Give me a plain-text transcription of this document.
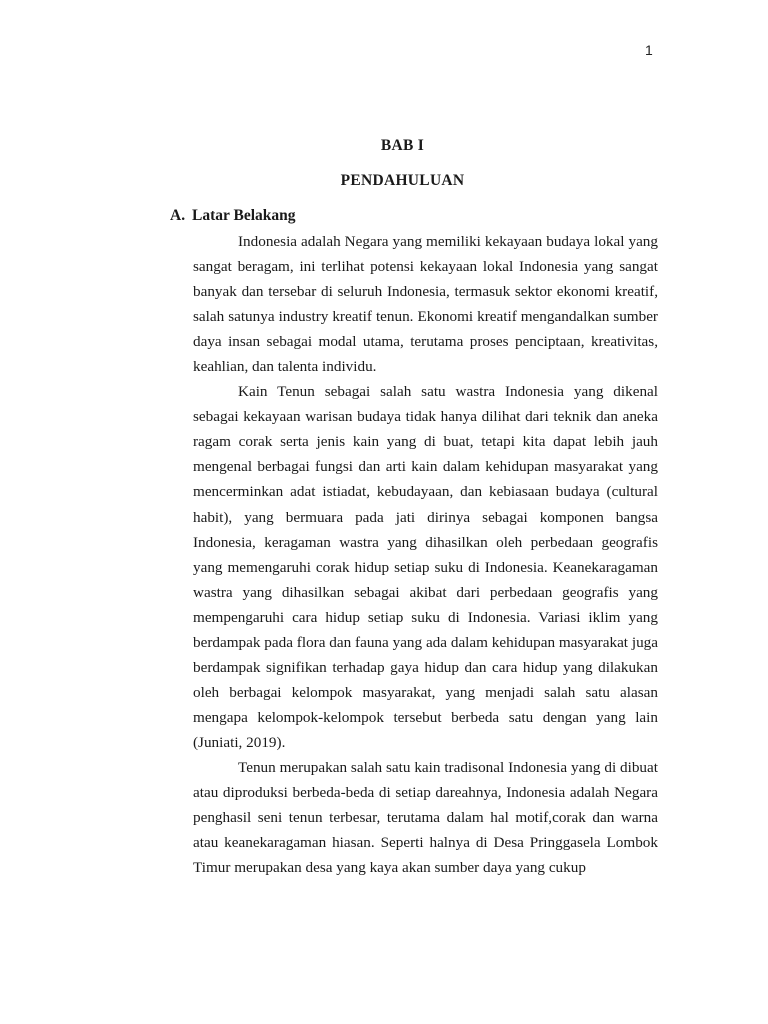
1
BAB I
PENDAHULUAN
A. Latar Belakang

Indonesia adalah Negara yang memiliki kekayaan budaya lokal yang sangat beragam, ini terlihat potensi kekayaan lokal Indonesia yang sangat banyak dan tersebar di seluruh Indonesia, termasuk sektor ekonomi kreatif, salah satunya industry kreatif tenun. Ekonomi kreatif mengandalkan sumber daya insan sebagai modal utama, terutama proses penciptaan, kreativitas, keahlian, dan talenta individu.

Kain Tenun sebagai salah satu wastra Indonesia yang dikenal sebagai kekayaan warisan budaya tidak hanya dilihat dari teknik dan aneka ragam corak serta jenis kain yang di buat, tetapi kita dapat lebih jauh mengenal berbagai fungsi dan arti kain dalam kehidupan masyarakat yang mencerminkan adat istiadat, kebudayaan, dan kebiasaan budaya (cultural habit), yang bermuara pada jati dirinya sebagai komponen bangsa Indonesia, keragaman wastra yang dihasilkan oleh perbedaan geografis yang memengaruhi corak hidup setiap suku di Indonesia. Keanekaragaman wastra yang dihasilkan sebagai akibat dari perbedaan geografis yang mempengaruhi cara hidup setiap suku di Indonesia. Variasi iklim yang berdampak pada flora dan fauna yang ada dalam kehidupan masyarakat juga berdampak signifikan terhadap gaya hidup dan cara hidup yang dilakukan oleh berbagai kelompok masyarakat, yang menjadi salah satu alasan mengapa kelompok-kelompok tersebut berbeda satu dengan yang lain (Juniati, 2019).

Tenun merupakan salah satu kain tradisonal Indonesia yang di dibuat atau diproduksi berbeda-beda di setiap dareahnya, Indonesia adalah Negara penghasil seni tenun terbesar, terutama dalam hal motif,corak dan warna atau keanekaragaman hiasan. Seperti halnya di Desa Pringgasela Lombok Timur merupakan desa yang kaya akan sumber daya yang cukup
